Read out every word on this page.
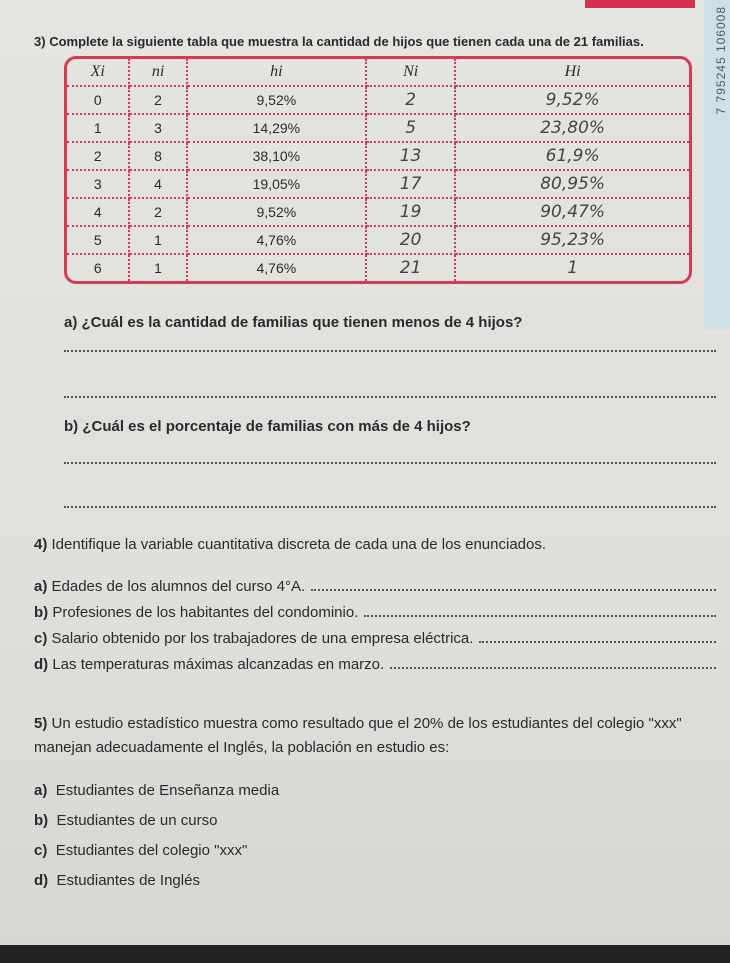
7 795245 106008
3) Complete la siguiente tabla que muestra la cantidad de hijos que tienen cada una de 21 familias.
Xi	ni	hi	Ni	Hi
0	2	9,52%	2	9,52%
1	3	14,29%	5	23,80%
2	8	38,10%	13	61,9%
3	4	19,05%	17	80,95%
4	2	9,52%	19	90,47%
5	1	4,76%	20	95,23%
6	1	4,76%	21	1
a) ¿Cuál es la cantidad de familias que tienen menos de 4 hijos?
b) ¿Cuál es el porcentaje de familias con más de 4 hijos?
4) Identifique la variable cuantitativa discreta de cada una de los enunciados.
a)
Edades de los alumnos del curso 4°A.
b)
Profesiones de los habitantes del condominio.
c)
Salario obtenido por los trabajadores de una empresa eléctrica.
d)
Las temperaturas máximas alcanzadas en marzo.
5) Un estudio estadístico muestra como resultado que el 20% de los estudiantes del colegio "xxx" manejan adecuadamente el Inglés, la población en estudio es:
a) Estudiantes de Enseñanza media
b) Estudiantes de un curso
c) Estudiantes del colegio "xxx"
d) Estudiantes de Inglés
